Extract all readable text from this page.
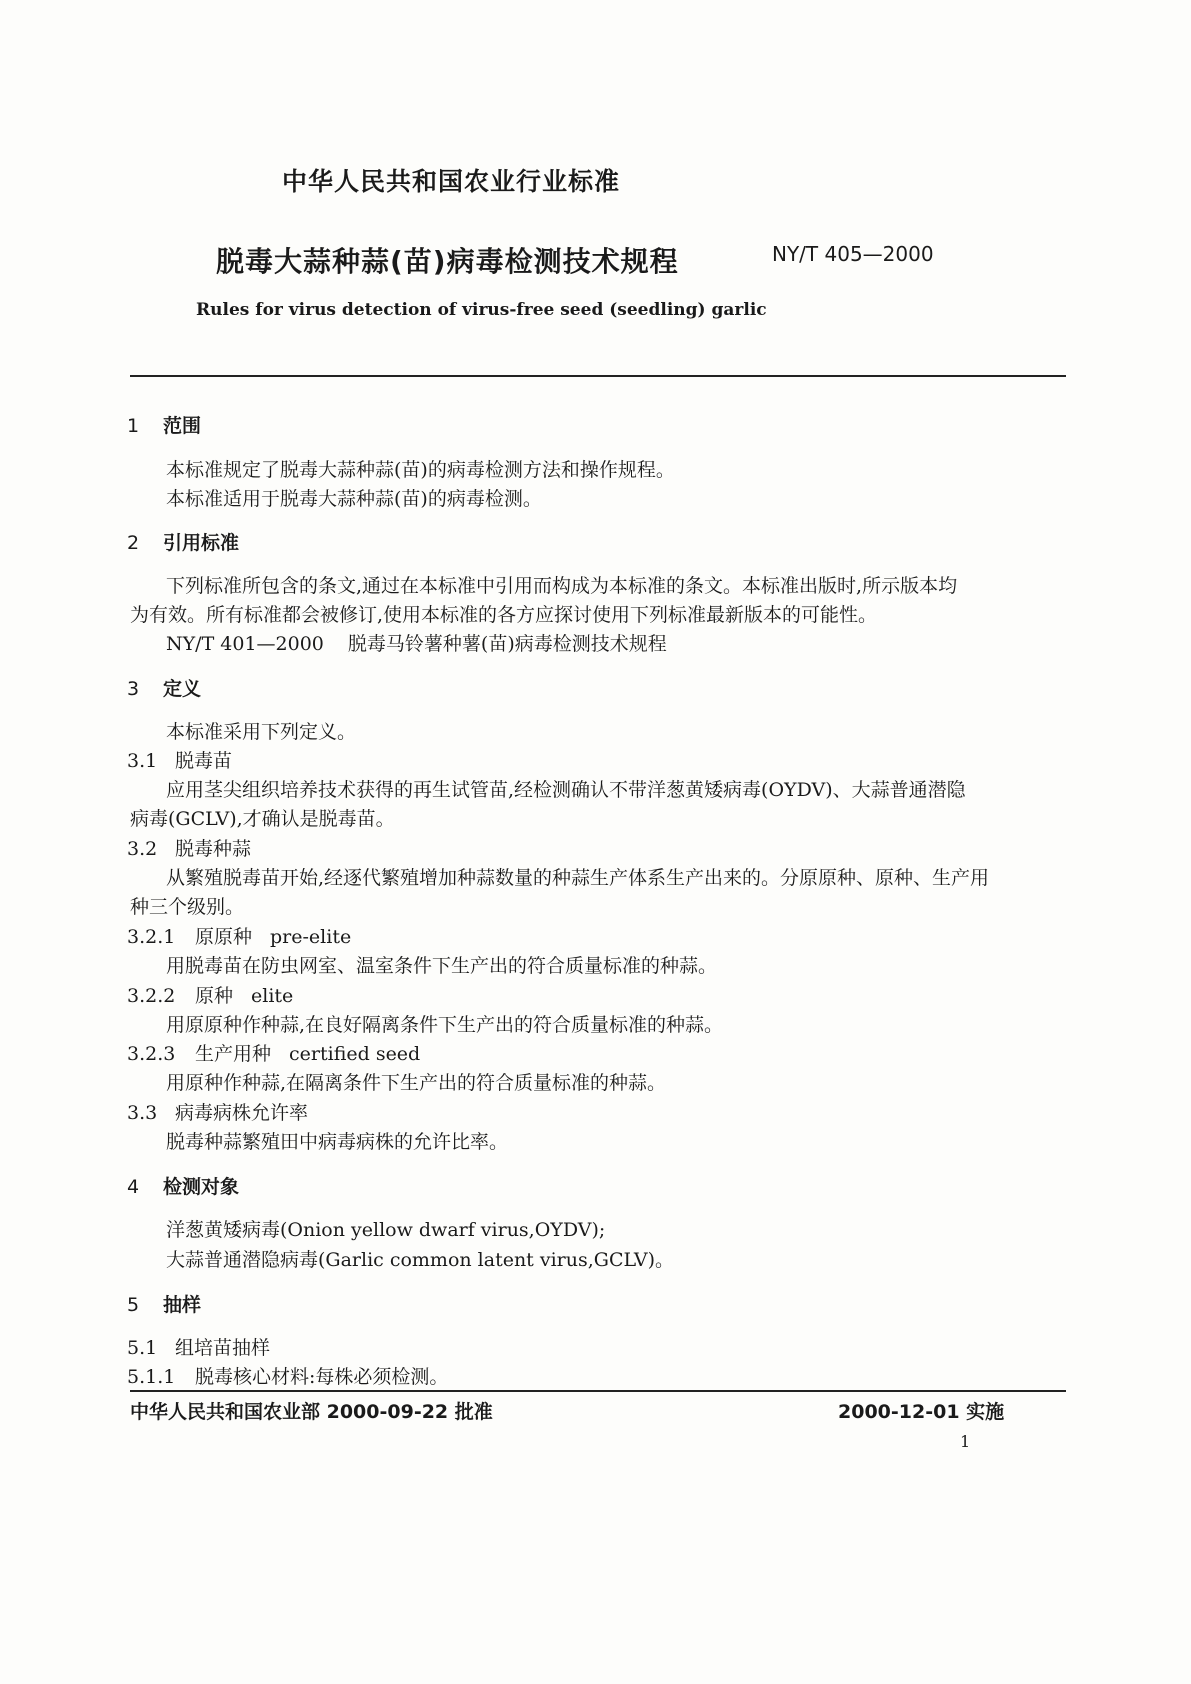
中华人民共和国农业行业标准
脱毒大蒜种蒜(苗)病毒检测技术规程	NY/T 405—2000
Rules for virus detection of virus-free seed (seedling) garlic
1 范围
本标准规定了脱毒大蒜种蒜(苗)的病毒检测方法和操作规程。
本标准适用于脱毒大蒜种蒜(苗)的病毒检测。
2 引用标准
下列标准所包含的条文,通过在本标准中引用而构成为本标准的条文。本标准出版时,所示版本均
为有效。所有标准都会被修订,使用本标准的各方应探讨使用下列标准最新版本的可能性。
NY/T 401—2000 脱毒马铃薯种薯(苗)病毒检测技术规程
3 定义
本标准采用下列定义。
3.1 脱毒苗
应用茎尖组织培养技术获得的再生试管苗,经检测确认不带洋葱黄矮病毒(OYDV)、大蒜普通潜隐
病毒(GCLV),才确认是脱毒苗。
3.2 脱毒种蒜
从繁殖脱毒苗开始,经逐代繁殖增加种蒜数量的种蒜生产体系生产出来的。分原原种、原种、生产用
种三个级别。
3.2.1 原原种 pre-elite
用脱毒苗在防虫网室、温室条件下生产出的符合质量标准的种蒜。
3.2.2 原种 elite
用原原种作种蒜,在良好隔离条件下生产出的符合质量标准的种蒜。
3.2.3 生产用种 certified seed
用原种作种蒜,在隔离条件下生产出的符合质量标准的种蒜。
3.3 病毒病株允许率
脱毒种蒜繁殖田中病毒病株的允许比率。
4 检测对象
洋葱黄矮病毒(Onion yellow dwarf virus,OYDV);
大蒜普通潜隐病毒(Garlic common latent virus,GCLV)。
5 抽样
5.1 组培苗抽样
5.1.1 脱毒核心材料:每株必须检测。
中华人民共和国农业部 2000-09-22 批准	2000-12-01 实施
1
